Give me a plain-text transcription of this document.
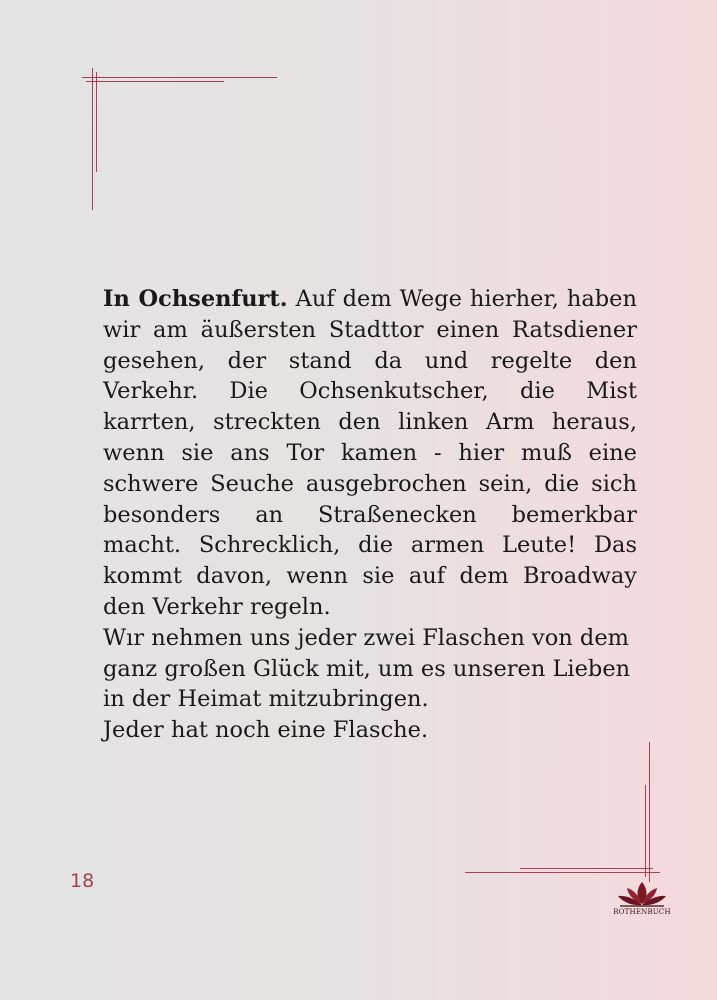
In Ochsenfurt. Auf dem Wege hierher, haben wir am äußersten Stadttor einen Ratsdiener gesehen, der stand da und regelte den Verkehr. Die Ochsenkutscher, die Mist karrten, streckten den linken Arm heraus, wenn sie ans Tor kamen - hier muß eine schwere Seuche ausgebrochen sein, die sich besonders an Straßenecken bemerkbar macht. Schrecklich, die armen Leute! Das kommt davon, wenn sie auf dem Broadway den Verkehr regeln.

Wır nehmen uns jeder zwei Flaschen von dem ganz großen Glück mit, um es unseren Lieben in der Heimat mitzubringen.

Jeder hat noch eine Flasche.

18
ROTHENBUCH
